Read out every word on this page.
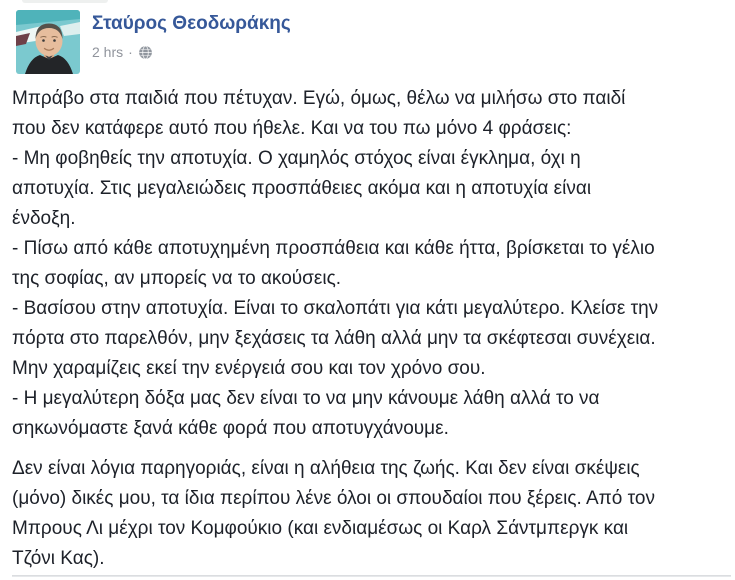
Σταύρος Θεοδωράκης
2 hrs ·

Μπράβο στα παιδιά που πέτυχαν. Εγώ, όμως, θέλω να μιλήσω στο παιδί
που δεν κατάφερε αυτό που ήθελε. Και να του πω μόνο 4 φράσεις:
- Μη φοβηθείς την αποτυχία. Ο χαμηλός στόχος είναι έγκλημα, όχι η
αποτυχία. Στις μεγαλειώδεις προσπάθειες ακόμα και η αποτυχία είναι
ένδοξη.
- Πίσω από κάθε αποτυχημένη προσπάθεια και κάθε ήττα, βρίσκεται το γέλιο
της σοφίας, αν μπορείς να το ακούσεις.
- Βασίσου στην αποτυχία. Είναι το σκαλοπάτι για κάτι μεγαλύτερο. Κλείσε την
πόρτα στο παρελθόν, μην ξεχάσεις τα λάθη αλλά μην τα σκέφτεσαι συνέχεια.
Μην χαραμίζεις εκεί την ενέργειά σου και τον χρόνο σου.
- Η μεγαλύτερη δόξα μας δεν είναι το να μην κάνουμε λάθη αλλά το να
σηκωνόμαστε ξανά κάθε φορά που αποτυγχάνουμε.

Δεν είναι λόγια παρηγοριάς, είναι η αλήθεια της ζωής. Και δεν είναι σκέψεις
(μόνο) δικές μου, τα ίδια περίπου λένε όλοι οι σπουδαίοι που ξέρεις. Από τον
Μπρους Λι μέχρι τον Κομφούκιο (και ενδιαμέσως οι Καρλ Σάντμπεργκ και
Τζόνι Κας).
